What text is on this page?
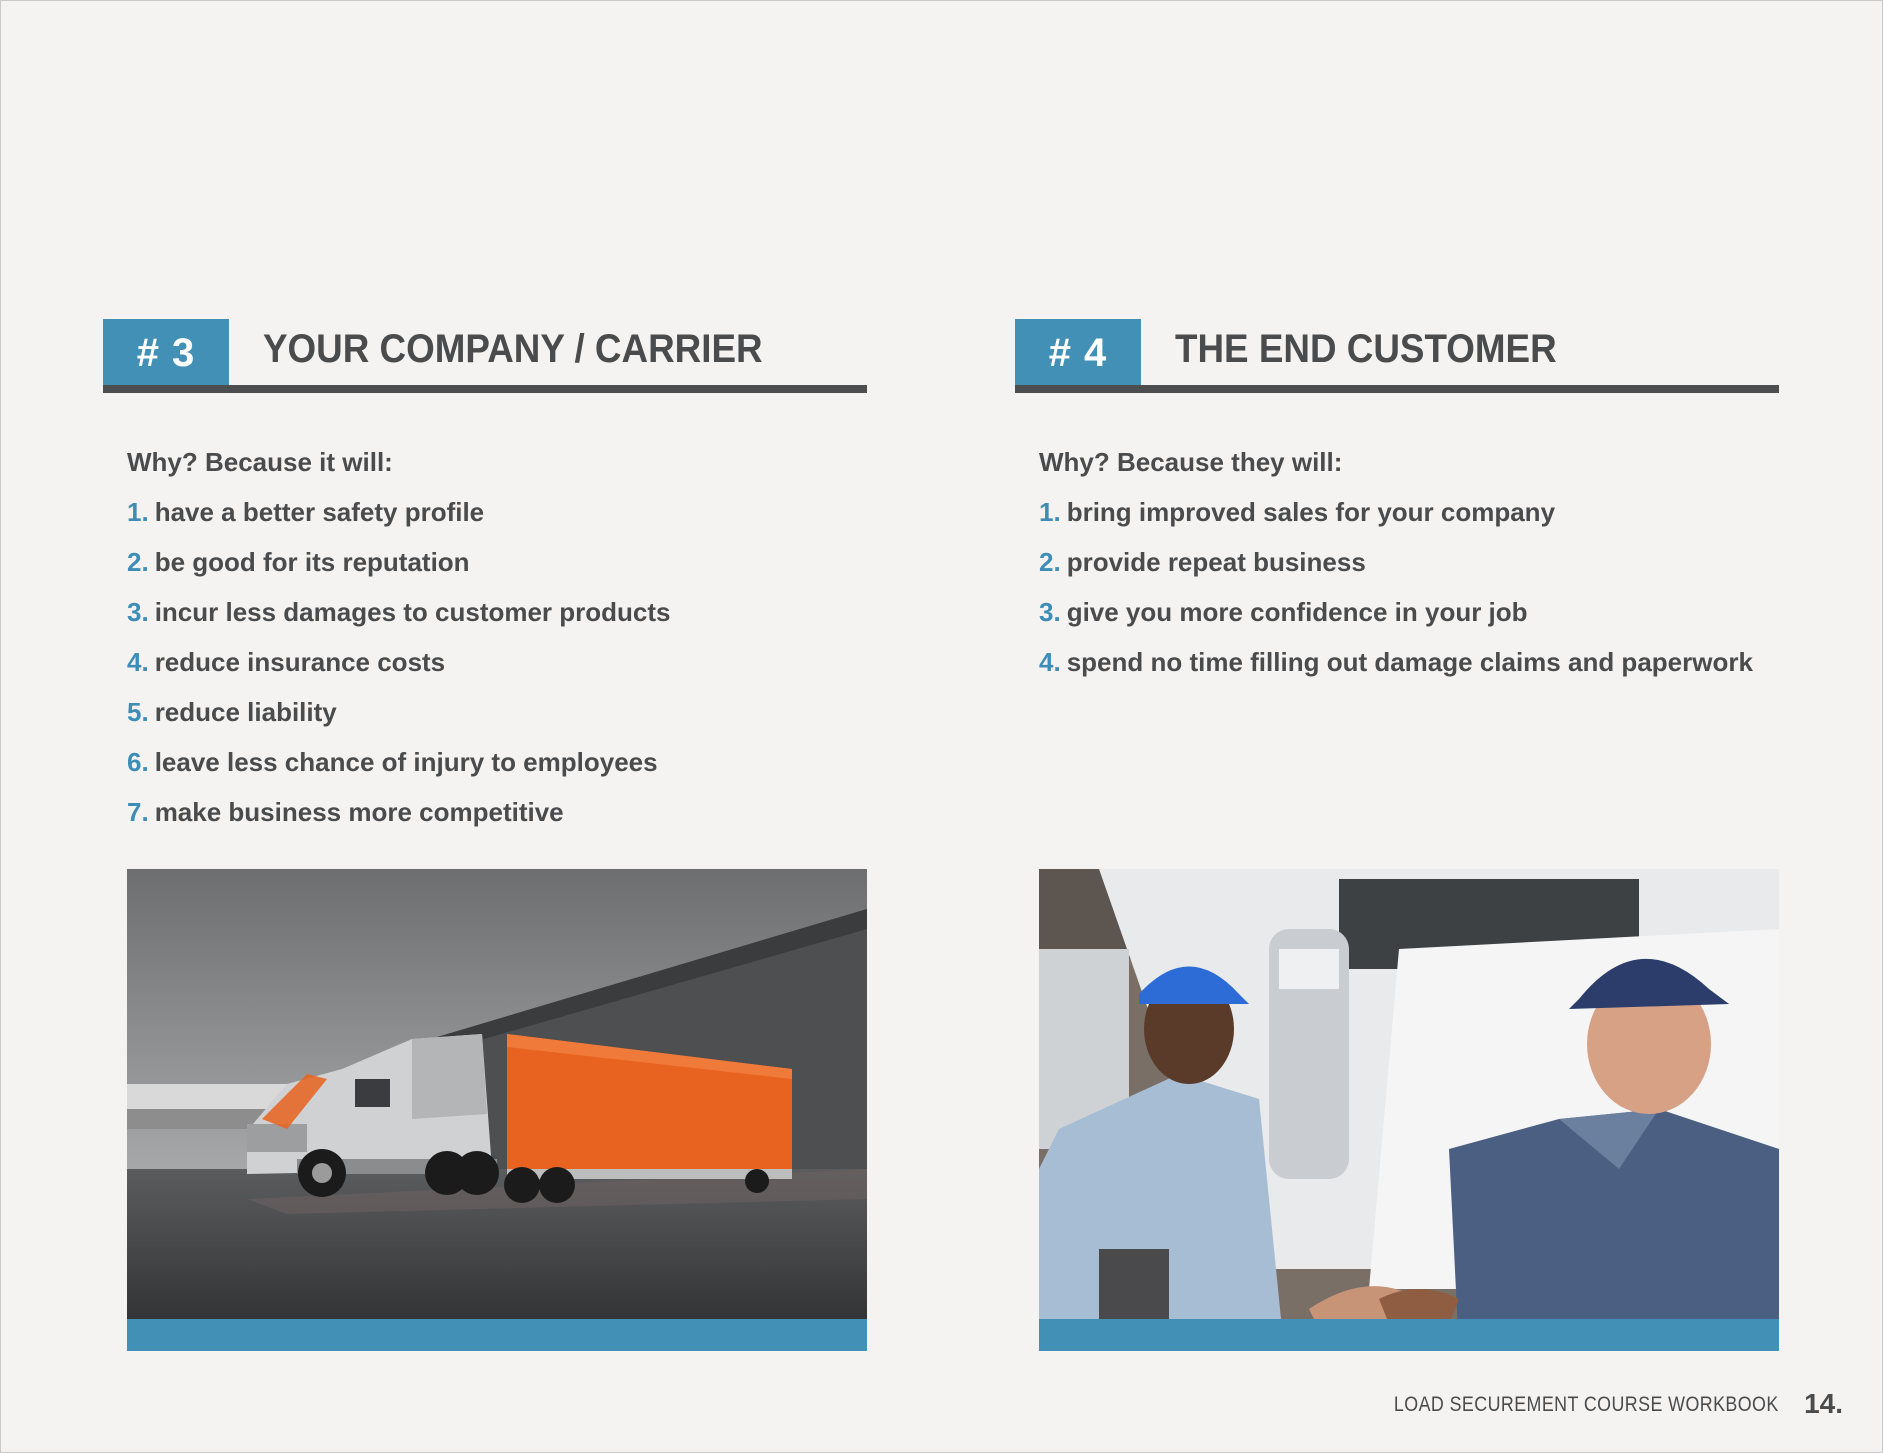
# 3	YOUR COMPANY / CARRIER
Why? Because it will:
1. have a better safety profile
2. be good for its reputation
3. incur less damages to customer products
4. reduce insurance costs
5. reduce liability
6. leave less chance of injury to employees
7. make business more competitive
# 4	THE END CUSTOMER
Why? Because they will:
1. bring improved sales for your company
2. provide repeat business
3. give you more confidence in your job
4. spend no time filling out damage claims and paperwork
LOAD SECUREMENT COURSE WORKBOOK 14.
